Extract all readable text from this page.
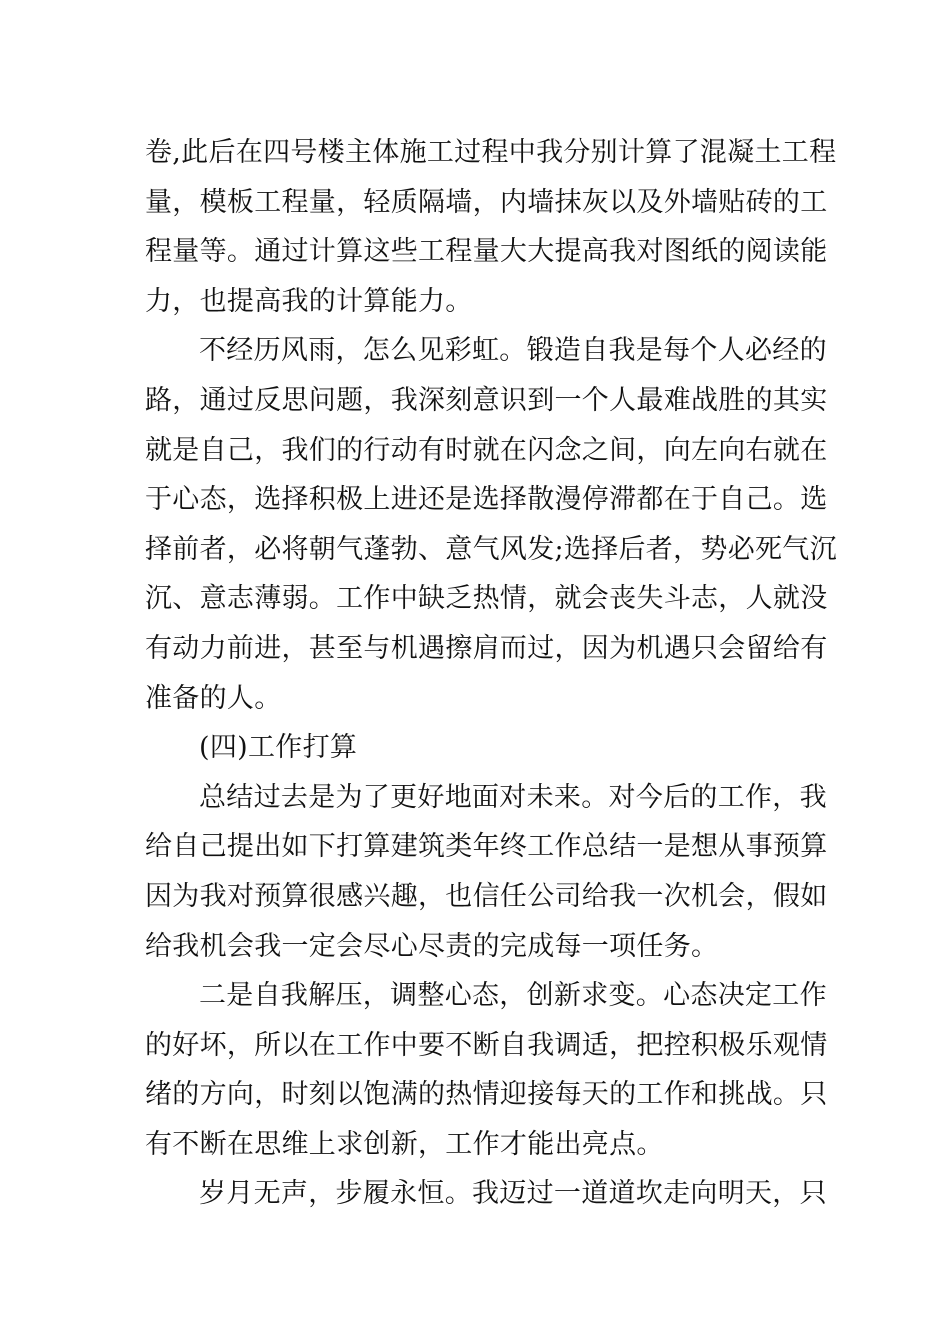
卷,此后在四号楼主体施工过程中我分别计算了混凝土工程
量，模板工程量，轻质隔墙，内墙抹灰以及外墙贴砖的工
程量等。通过计算这些工程量大大提高我对图纸的阅读能
力，也提高我的计算能力。

不经历风雨，怎么见彩虹。锻造自我是每个人必经的
路，通过反思问题，我深刻意识到一个人最难战胜的其实
就是自己，我们的行动有时就在闪念之间，向左向右就在
于心态，选择积极上进还是选择散漫停滞都在于自己。选
择前者，必将朝气蓬勃、意气风发;选择后者，势必死气沉
沉、意志薄弱。工作中缺乏热情，就会丧失斗志，人就没
有动力前进，甚至与机遇擦肩而过，因为机遇只会留给有
准备的人。

(四)工作打算

总结过去是为了更好地面对未来。对今后的工作，我
给自己提出如下打算建筑类年终工作总结一是想从事预算
因为我对预算很感兴趣，也信任公司给我一次机会，假如
给我机会我一定会尽心尽责的完成每一项任务。

二是自我解压，调整心态，创新求变。心态决定工作
的好坏，所以在工作中要不断自我调适，把控积极乐观情
绪的方向，时刻以饱满的热情迎接每天的工作和挑战。只
有不断在思维上求创新，工作才能出亮点。

岁月无声，步履永恒。我迈过一道道坎走向明天，只
